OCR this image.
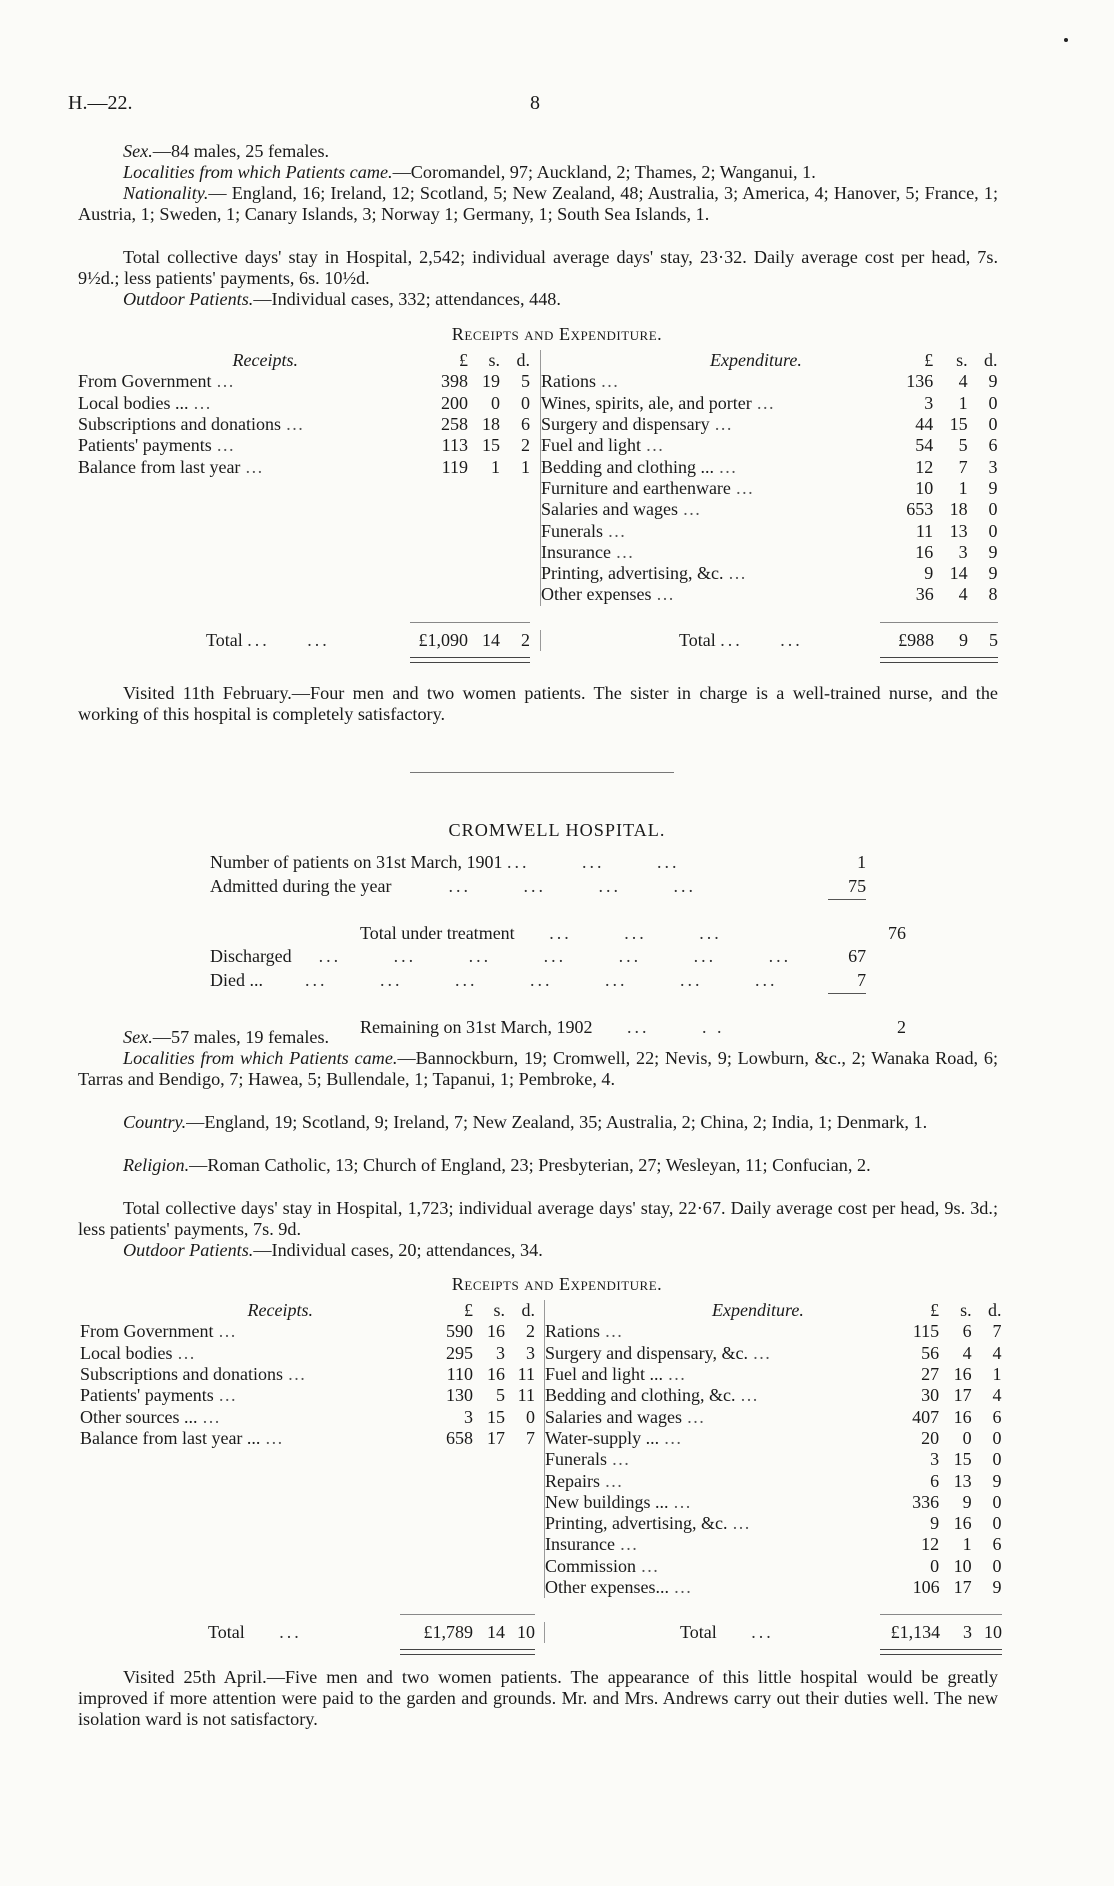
H.—22.	8
Sex.—84 males, 25 females.
Localities from which Patients came.—Coromandel, 97; Auckland, 2; Thames, 2; Wanganui, 1.
Nationality.— England, 16; Ireland, 12; Scotland, 5; New Zealand, 48; Australia, 3; America, 4; Hanover, 5; France, 1; Austria, 1; Sweden, 1; Canary Islands, 3; Norway 1; Germany, 1; South Sea Islands, 1.
Total collective days' stay in Hospital, 2,542; individual average days' stay, 23·32. Daily average cost per head, 7s. 9½d.; less patients' payments, 6s. 10½d.
Outdoor Patients.—Individual cases, 332; attendances, 448.
Receipts and Expenditure.
Receipts.	£	s.	d.
From Government …	398	19	5
Local bodies ... …	200	0	0
Subscriptions and donations …	258	18	6
Patients' payments …	113	15	2
Balance from last year …	119	1	1
Expenditure.	£	s.	d.
Rations …	136	4	9
Wines, spirits, ale, and porter …	3	1	0
Surgery and dispensary …	44	15	0
Fuel and light …	54	5	6
Bedding and clothing ... …	12	7	3
Furniture and earthenware …	10	1	9
Salaries and wages …	653	18	0
Funerals …	11	13	0
Insurance …	16	3	9
Printing, advertising, &c. …	9	14	9
Other expenses …	36	4	8
Total ...     ...	£1,090	14	2	Total ...     ...	£988	9	5
Visited 11th February.—Four men and two women patients. The sister in charge is a well-trained nurse, and the working of this hospital is completely satisfactory.
CROMWELL HOSPITAL.
Number of patients on 31st March, 1901 ...       ...       ...	1	
Admitted during the year        ...       ...       ...       ...	75	

Total under treatment     ...       ...       ...		76
Discharged    ...       ...       ...       ...       ...       ...       ...	67	
Died ...      ...       ...       ...       ...       ...       ...       ...	7	

Remaining on 31st March, 1902     ...       . .		2
Sex.—57 males, 19 females.
Localities from which Patients came.—Bannockburn, 19; Cromwell, 22; Nevis, 9; Lowburn, &c., 2; Wanaka Road, 6; Tarras and Bendigo, 7; Hawea, 5; Bullendale, 1; Tapanui, 1; Pembroke, 4.
Country.—England, 19; Scotland, 9; Ireland, 7; New Zealand, 35; Australia, 2; China, 2; India, 1; Denmark, 1.
Religion.—Roman Catholic, 13; Church of England, 23; Presbyterian, 27; Wesleyan, 11; Confucian, 2.
Total collective days' stay in Hospital, 1,723; individual average days' stay, 22·67. Daily average cost per head, 9s. 3d.; less patients' payments, 7s. 9d.
Outdoor Patients.—Individual cases, 20; attendances, 34.
Receipts and Expenditure.
Receipts.	£	s.	d.
From Government …	590	16	2
Local bodies …	295	3	3
Subscriptions and donations …	110	16	11
Patients' payments …	130	5	11
Other sources ... …	3	15	0
Balance from last year ... …	658	17	7
Expenditure.	£	s.	d.
Rations …	115	6	7
Surgery and dispensary, &c. …	56	4	4
Fuel and light ... …	27	16	1
Bedding and clothing, &c. …	30	17	4
Salaries and wages …	407	16	6
Water-supply ... …	20	0	0
Funerals …	3	15	0
Repairs …	6	13	9
New buildings ... …	336	9	0
Printing, advertising, &c. …	9	16	0
Insurance …	12	1	6
Commission …	0	10	0
Other expenses... …	106	17	9
Total     ...	£1,789	14	10	Total     ...	£1,134	3	10
Visited 25th April.—Five men and two women patients. The appearance of this little hospital would be greatly improved if more attention were paid to the garden and grounds. Mr. and Mrs. Andrews carry out their duties well. The new isolation ward is not satisfactory.
